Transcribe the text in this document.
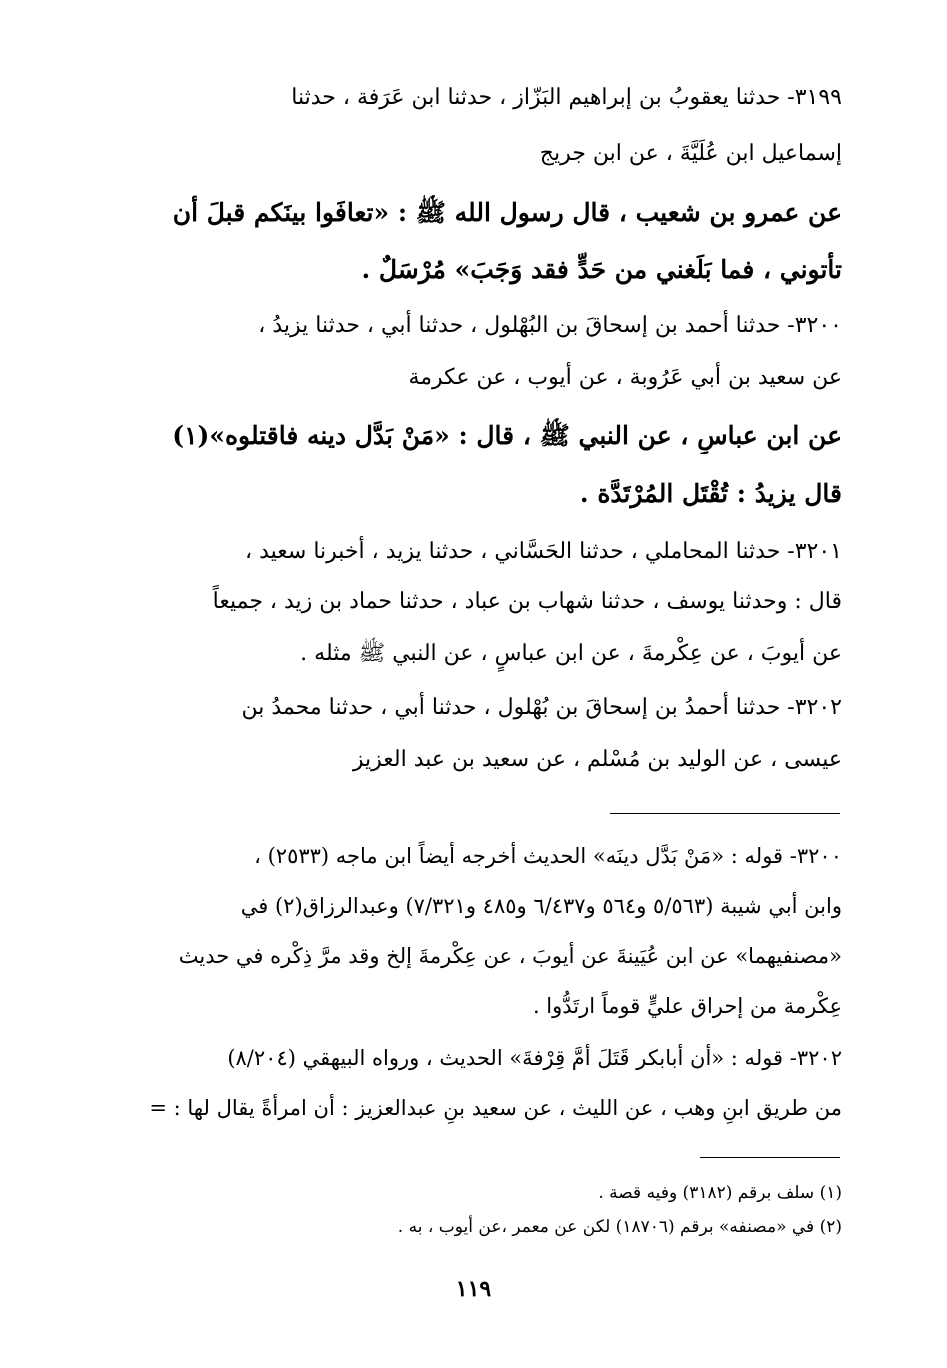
٣١٩٩- حدثنا يعقوبُ بن إبراهيم البَزّاز ، حدثنا ابن عَرَفة ، حدثنا
إسماعيل ابن عُلَيَّةَ ، عن ابن جريج
عن عمرو بن شعيب ، قال رسول الله ﷺ : «تعافَوا بينَكم قبلَ أن
تأتوني ، فما بَلَغني من حَدٍّ فقد وَجَبَ» مُرْسَلٌ .
٣٢٠٠- حدثنا أحمد بن إسحاقَ بن البُهْلول ، حدثنا أبي ، حدثنا يزيدُ ،
عن سعيد بن أبي عَرُوبة ، عن أيوب ، عن عكرمة
عن ابن عباسٍ ، عن النبي ﷺ ، قال : «مَنْ بَدَّل دينه فاقتلوه»(١)
قال يزيدُ : تُقْتَل المُرْتَدَّة .
٣٢٠١- حدثنا المحاملي ، حدثنا الحَسَّاني ، حدثنا يزيد ، أخبرنا سعيد ،
قال : وحدثنا يوسف ، حدثنا شهاب بن عباد ، حدثنا حماد بن زيد ، جميعاً
عن أيوبَ ، عن عِكْرمةَ ، عن ابن عباسٍ ، عن النبي ﷺ مثله .
٣٢٠٢- حدثنا أحمدُ بن إسحاقَ بن بُهْلول ، حدثنا أبي ، حدثنا محمدُ بن
عيسى ، عن الوليد بن مُسْلم ، عن سعيد بن عبد العزيز
٣٢٠٠- قوله : «مَنْ بَدَّل دينَه» الحديث أخرجه أيضاً ابن ماجه (٢٥٣٣) ،
وابن أبي شيبة (٥/٥٦٣ و٥٦٤ و٦/٤٣٧ و٤٨٥ و٧/٣٢١) وعبدالرزاق(٢) في
«مصنفيهما» عن ابن عُيَينةَ عن أيوبَ ، عن عِكْرمةَ إلخ وقد مرَّ ذِكْره في حديث
عِكْرمة من إحراق عليٍّ قوماً ارتَدُّوا .
٣٢٠٢- قوله : «أن أبابكر قَتَلَ أمَّ قِرْفةَ» الحديث ، ورواه البيهقي (٨/٢٠٤)
من طريق ابنِ وهب ، عن الليث ، عن سعيد بنِ عبدالعزيز : أن امرأةً يقال لها : =
(١) سلف برقم (٣١٨٢) وفيه قصة .
(٢) في «مصنفه» برقم (١٨٧٠٦) لكن عن معمر ،عن أيوب ، به .
١١٩
